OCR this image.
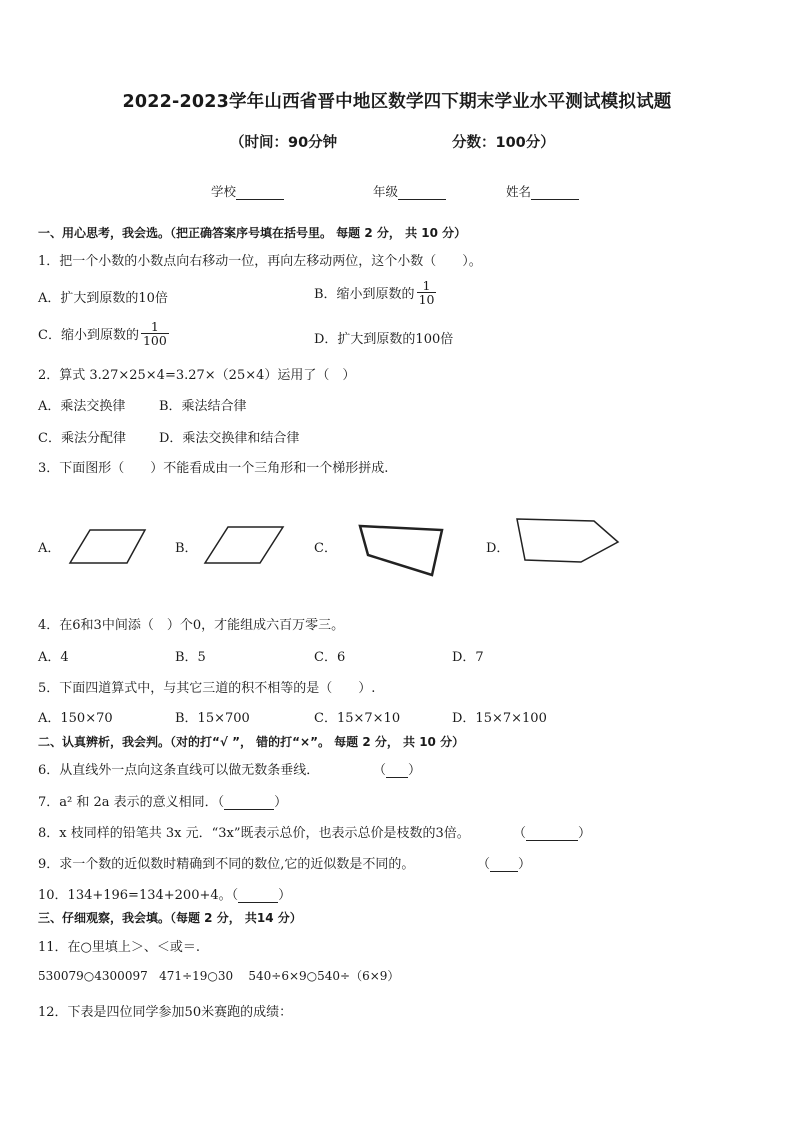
2022-2023学年山西省晋中地区数学四下期末学业水平测试模拟试题
（时间：90分钟	分数：100分）
学校	年级	姓名
一、用心思考，我会选。（把正确答案序号填在括号里。 每题 2 分， 共 10 分）
1．把一个小数的小数点向右移动一位，再向左移动两位，这个小数（　　）。
A．扩大到原数的10倍	B．缩小到原数的 $\frac{1}{10}$
C．缩小到原数的 $\frac{1}{100}$	D．扩大到原数的100倍
2．算式 3.27×25×4=3.27×（25×4）运用了（　）
A．乘法交换律	B．乘法结合律
C．乘法分配律	D．乘法交换律和结合律
3．下面图形（　　）不能看成由一个三角形和一个梯形拼成.
A．	B．	C．	D．
4．在6和3中间添（　）个0，才能组成六百万零三。
A．4	B．5	C．6	D．7
5．下面四道算式中，与其它三道的积不相等的是（　　）.
A．150×70	B．15×700	C．15×7×10	D．15×7×100
二、认真辨析，我会判。（对的打“√ ”， 错的打“×”。 每题 2 分， 共 10 分）
6．从直线外一点向这条直线可以做无数条垂线．	（ ）
7．a² 和 2a 表示的意义相同．（	）
8．x 枝同样的铅笔共 3x 元．“3x”既表示总价，也表示总价是枝数的3倍。	（	）
9．求一个数的近似数时精确到不同的数位,它的近似数是不同的。	（ ）
10．134+196=134+200+4。（	）
三、仔细观察，我会填。（每题 2 分， 共14 分）
11．在○里填上＞、＜或＝.
530079○4300097   471÷19○30    540÷6×9○540÷（6×9）
12．下表是四位同学参加50米赛跑的成绩：
